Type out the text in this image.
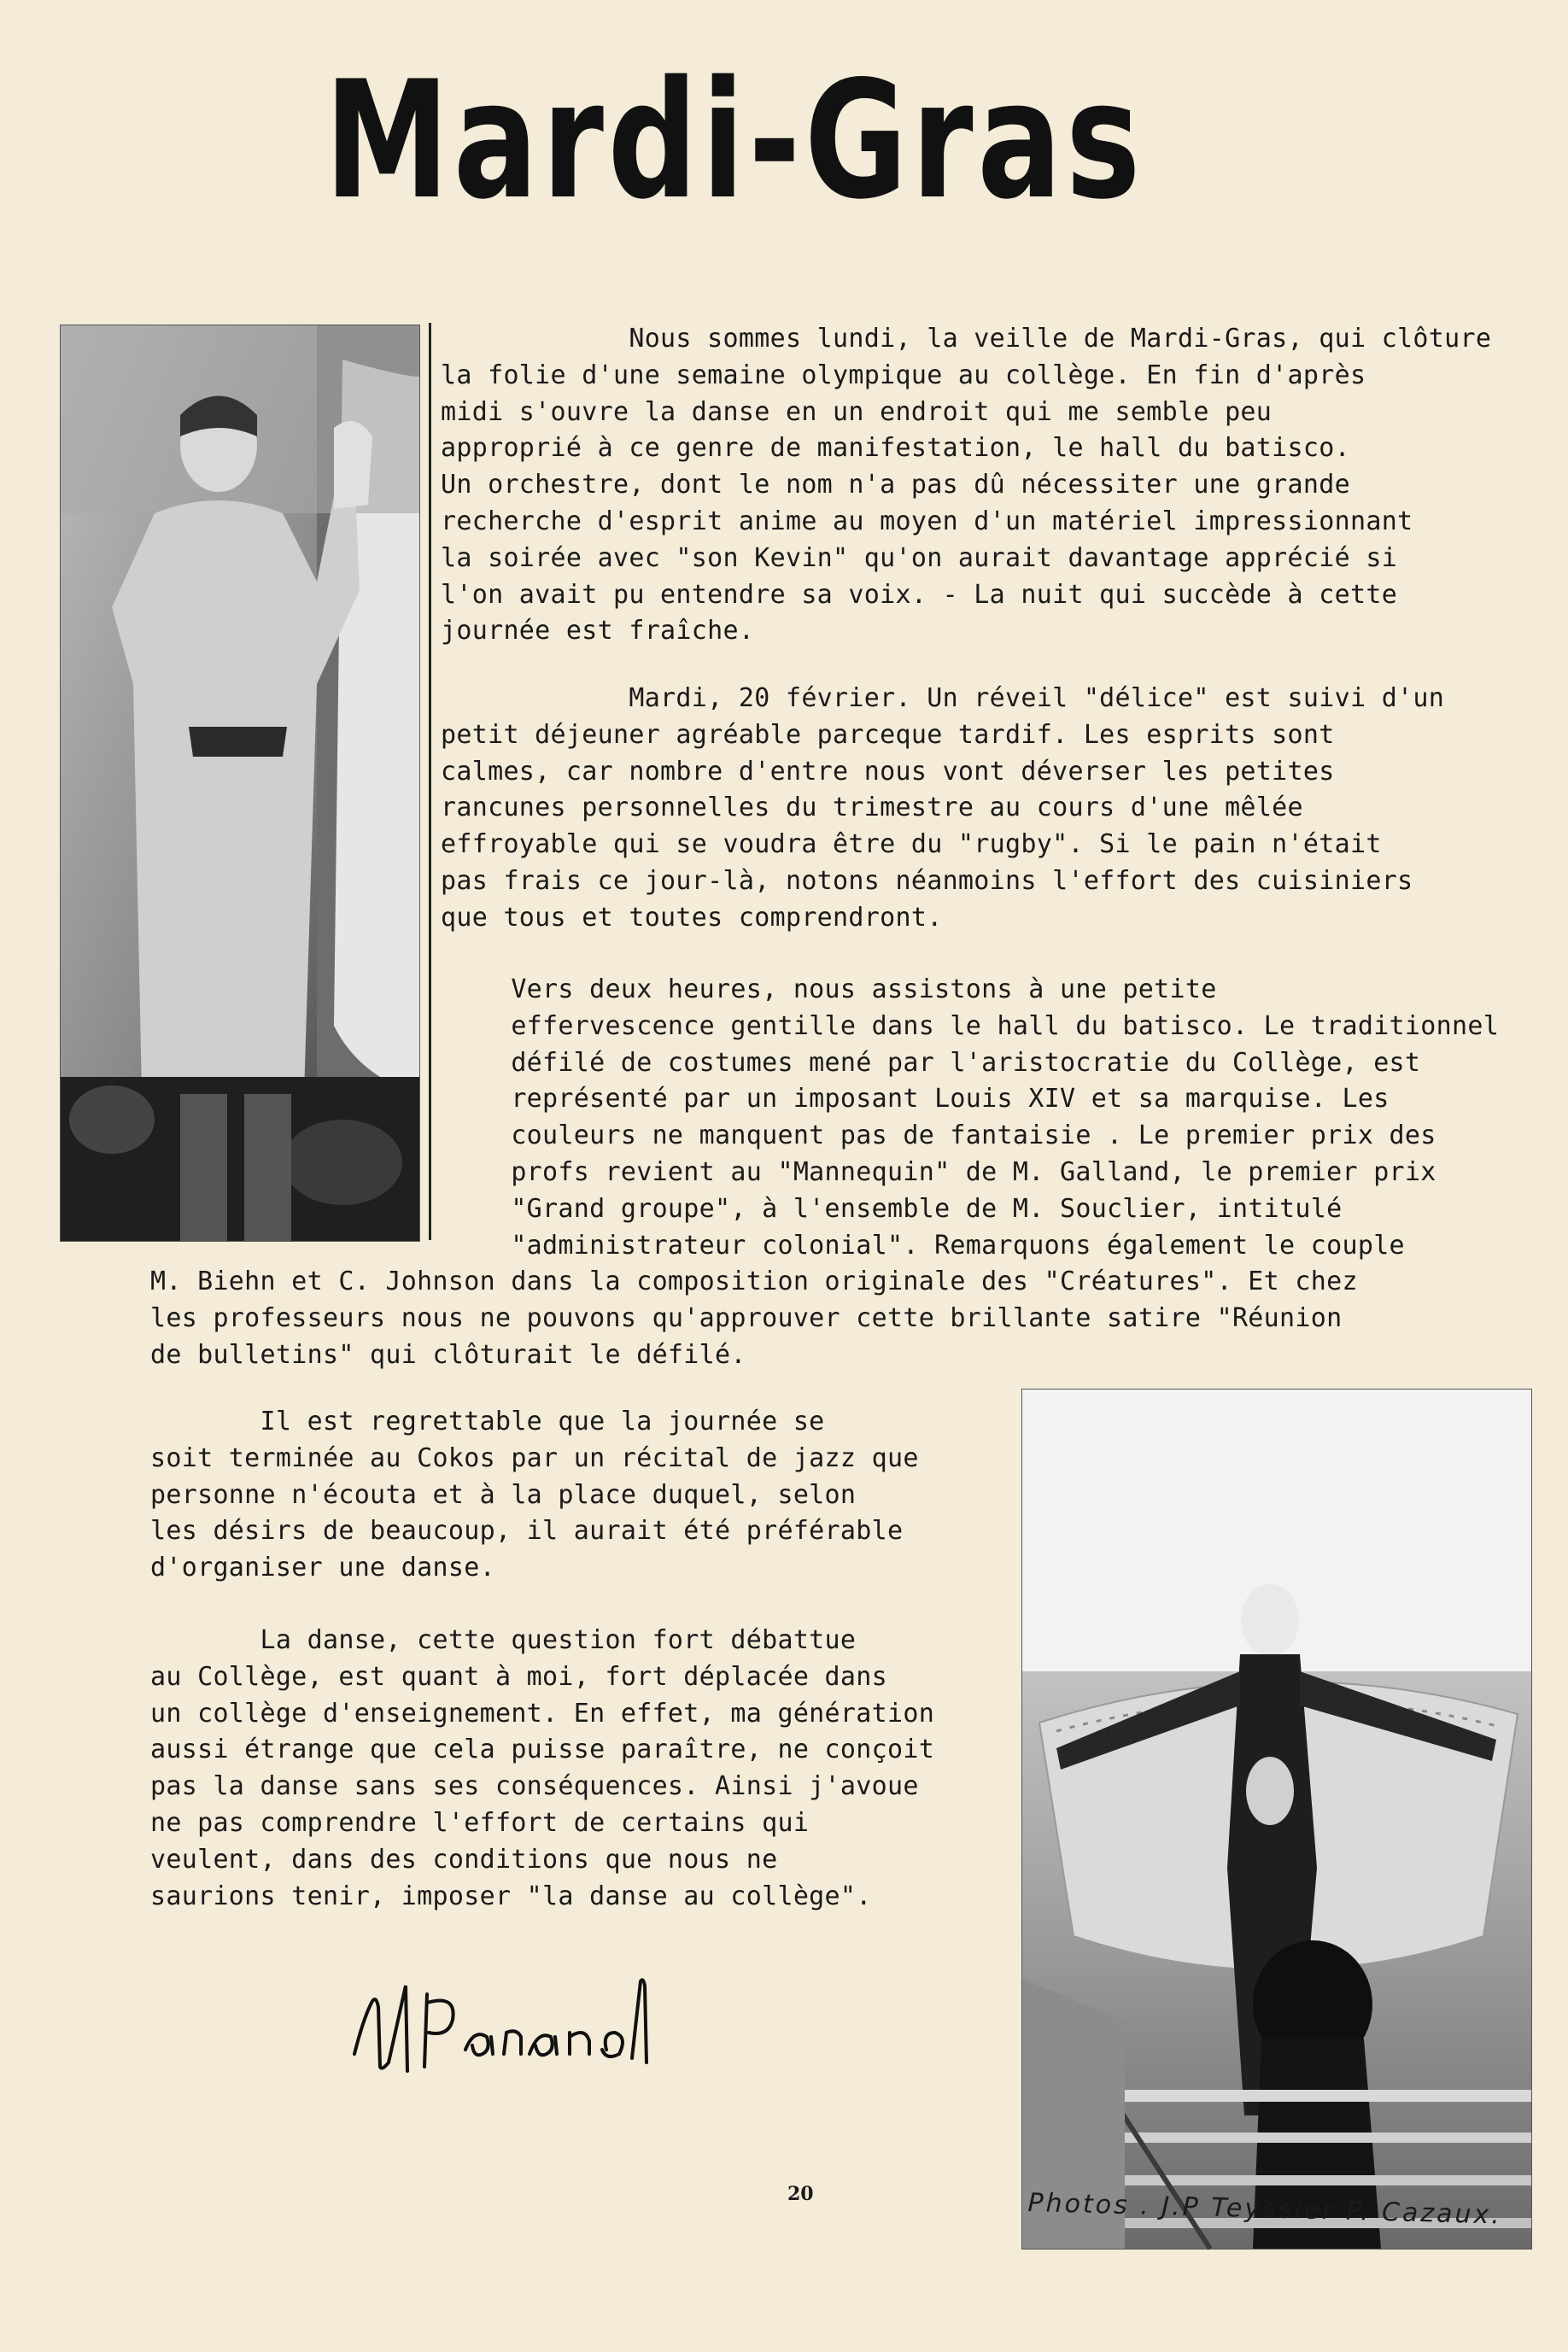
Mardi-Gras

Nous sommes lundi, la veille de Mardi-Gras, qui clôture
la folie d'une semaine olympique au collège. En fin d'après
midi s'ouvre la danse en un endroit qui me semble peu
approprié à ce genre de manifestation, le hall du batisco.
Un orchestre, dont le nom n'a pas dû nécessiter une grande
recherche d'esprit anime au moyen d'un matériel impressionnant
la soirée avec "son Kevin" qu'on aurait davantage apprécié si
l'on avait pu entendre sa voix. - La nuit qui succède à cette
journée est fraîche.

Mardi, 20 février. Un réveil "délice" est suivi d'un
petit déjeuner agréable parceque tardif. Les esprits sont
calmes, car nombre d'entre nous vont déverser les petites
rancunes personnelles du trimestre au cours d'une mêlée
effroyable qui se voudra être du "rugby". Si le pain n'était
pas frais ce jour-là, notons néanmoins l'effort des cuisiniers
que tous et toutes comprendront.

Vers deux heures, nous assistons à une petite
effervescence gentille dans le hall du batisco. Le traditionnel
défilé de costumes mené par l'aristocratie du Collège, est
représenté par un imposant Louis XIV et sa marquise. Les
couleurs ne manquent pas de fantaisie . Le premier prix des
profs revient au "Mannequin" de M. Galland, le premier prix
"Grand groupe", à l'ensemble de M. Souclier, intitulé
"administrateur colonial". Remarquons également le couple
M. Biehn et C. Johnson dans la composition originale des "Créatures". Et chez
les professeurs nous ne pouvons qu'approuver cette brillante satire "Réunion
de bulletins" qui clôturait le défilé.

Il est regrettable que la journée se
soit terminée au Cokos par un récital de jazz que
personne n'écouta et à la place duquel, selon
les désirs de beaucoup, il aurait été préférable
d'organiser une danse.

La danse, cette question fort débattue
au Collège, est quant à moi, fort déplacée dans
un collège d'enseignement. En effet, ma génération
aussi étrange que cela puisse paraître, ne conçoit
pas la danse sans ses conséquences. Ainsi j'avoue
ne pas comprendre l'effort de certains qui
veulent, dans des conditions que nous ne
saurions tenir, imposer "la danse au collège".

20	Photos . J.P Teyssier P. Cazaux.
